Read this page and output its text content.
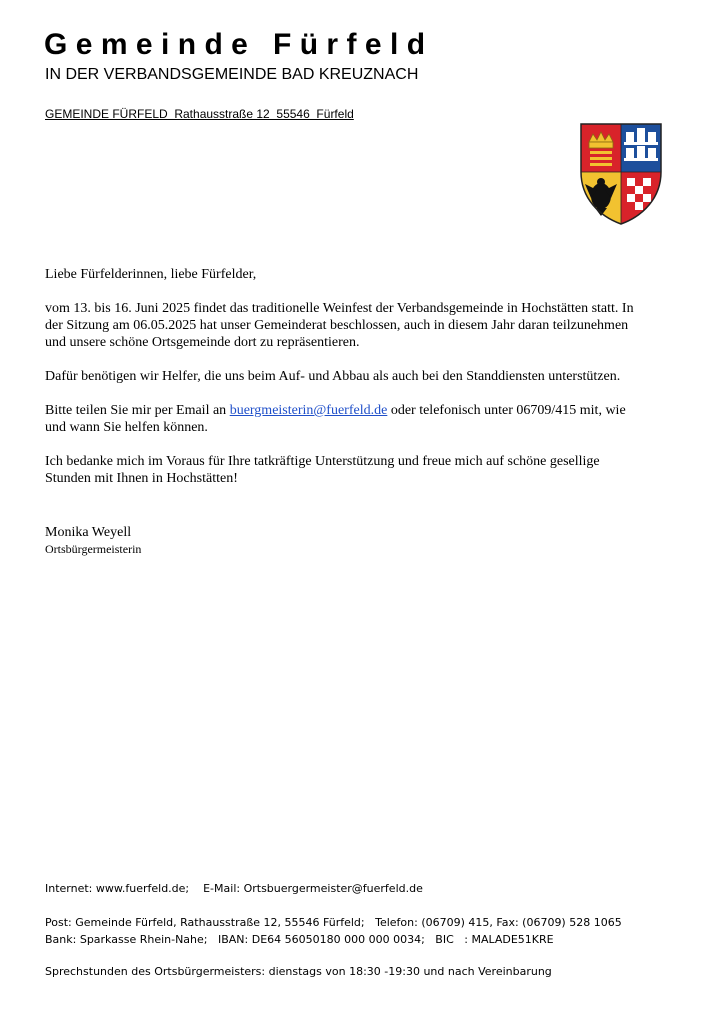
Gemeinde Fürfeld
IN DER VERBANDSGEMEINDE BAD KREUZNACH
GEMEINDE FÜRFELD  Rathausstraße 12  55546  Fürfeld

Liebe Fürfelderinnen, liebe Fürfelder,

vom 13. bis 16. Juni 2025 findet das traditionelle Weinfest der Verbandsgemeinde in Hochstätten statt. In der Sitzung am 06.05.2025 hat unser Gemeinderat beschlossen, auch in diesem Jahr daran teilzunehmen und unsere schöne Ortsgemeinde dort zu repräsentieren.

Dafür benötigen wir Helfer, die uns beim Auf- und Abbau als auch bei den Standdiensten unterstützen.

Bitte teilen Sie mir per Email an buergmeisterin@fuerfeld.de oder telefonisch unter 06709/415 mit, wie und wann Sie helfen können.

Ich bedanke mich im Voraus für Ihre tatkräftige Unterstützung und freue mich auf schöne gesellige Stunden mit Ihnen in Hochstätten!

Monika Weyell
Ortsbürgermeisterin
Internet: www.fuerfeld.de;    E-Mail: Ortsbuergermeister@fuerfeld.de
Post: Gemeinde Fürfeld, Rathausstraße 12, 55546 Fürfeld;   Telefon: (06709) 415, Fax: (06709) 528 1065
Bank: Sparkasse Rhein-Nahe;   IBAN: DE64 56050180 000 000 0034;   BIC   : MALADE51KRE
Sprechstunden des Ortsbürgermeisters: dienstags von 18:30 -19:30 und nach Vereinbarung
